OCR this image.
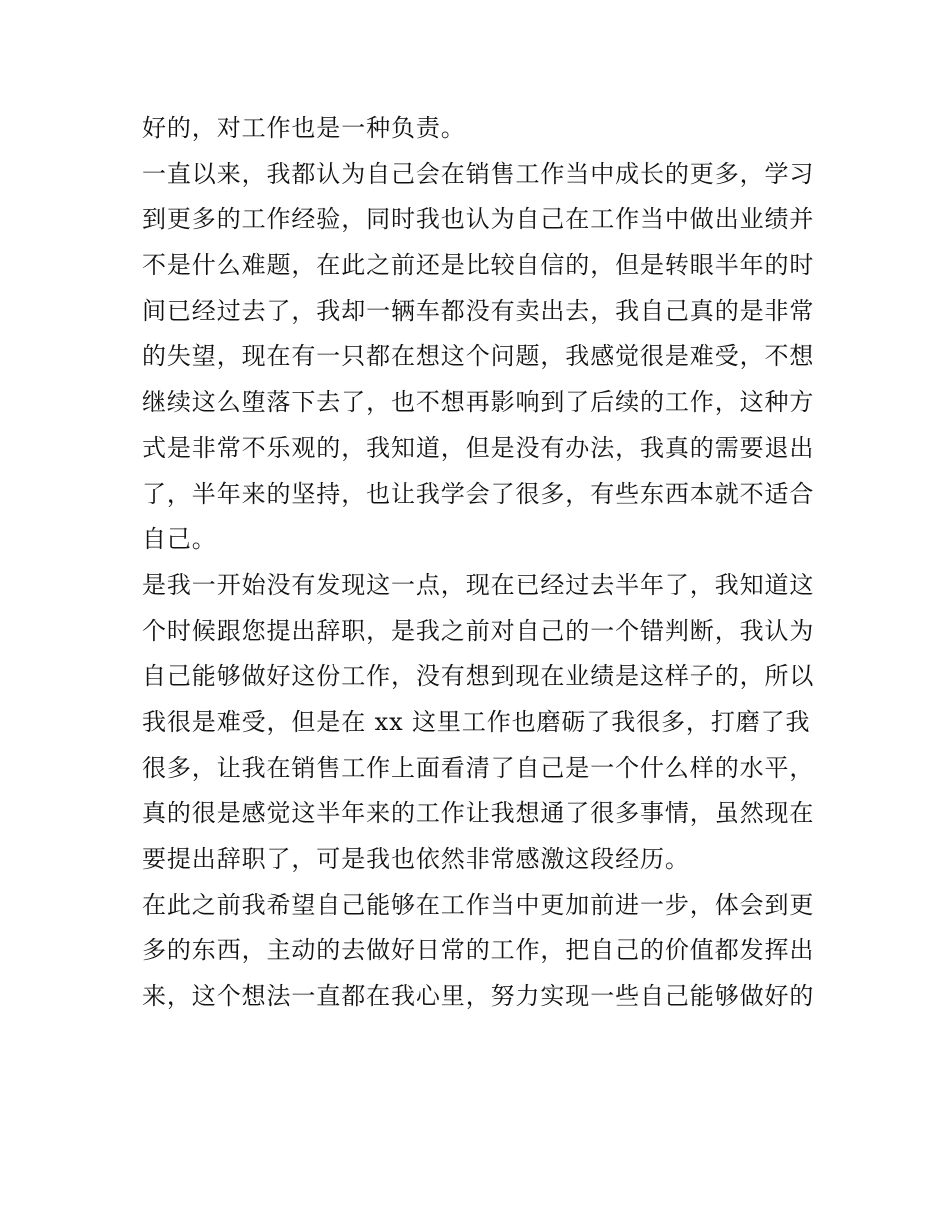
好的，对工作也是一种负责。
一直以来，我都认为自己会在销售工作当中成长的更多，学习
到更多的工作经验，同时我也认为自己在工作当中做出业绩并
不是什么难题，在此之前还是比较自信的，但是转眼半年的时
间已经过去了，我却一辆车都没有卖出去，我自己真的是非常
的失望，现在有一只都在想这个问题，我感觉很是难受，不想
继续这么堕落下去了，也不想再影响到了后续的工作，这种方
式是非常不乐观的，我知道，但是没有办法，我真的需要退出
了，半年来的坚持，也让我学会了很多，有些东西本就不适合
自己。
是我一开始没有发现这一点，现在已经过去半年了，我知道这
个时候跟您提出辞职，是我之前对自己的一个错判断，我认为
自己能够做好这份工作，没有想到现在业绩是这样子的，所以
我很是难受，但是在 xx 这里工作也磨砺了我很多，打磨了我
很多，让我在销售工作上面看清了自己是一个什么样的水平，
真的很是感觉这半年来的工作让我想通了很多事情，虽然现在
要提出辞职了，可是我也依然非常感激这段经历。
在此之前我希望自己能够在工作当中更加前进一步，体会到更
多的东西，主动的去做好日常的工作，把自己的价值都发挥出
来，这个想法一直都在我心里，努力实现一些自己能够做好的
